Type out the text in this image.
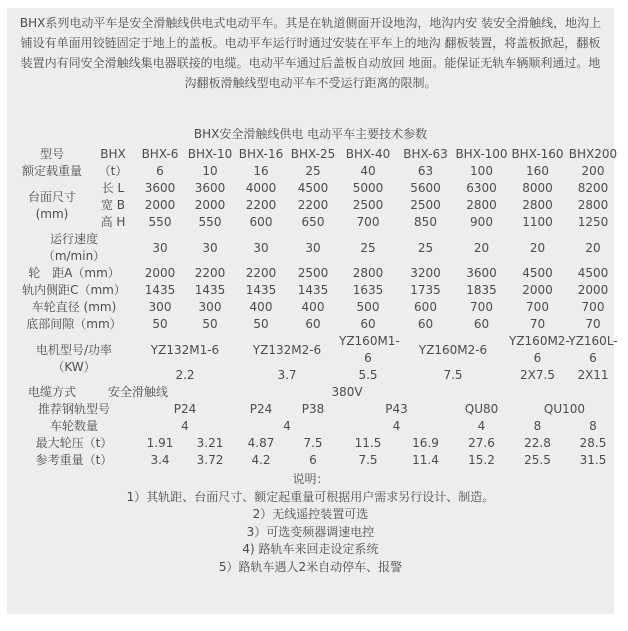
BHX系列电动平车是安全滑触线供电式电动平车。其是在轨道侧面开设地沟，地沟内安 装安全滑触线，地沟上铺设有单面用铰链固定于地上的盖板。电动平车运行时通过安装在平车上的地沟 翻板装置，将盖板掀起，翻板装置内有同安全滑触线集电器联接的电缆。电动平车通过后盖板自动放回 地面。能保证无轨车辆顺利通过。地沟翻板滑触线型电动平车不受运行距离的限制。

BHX安全滑触线供电 电动平车主要技术参数
型号	BHX	BHX-6	BHX-10	BHX-16	BHX-25	BHX-40	BHX-63	BHX-100	BHX-160	BHX200
额定载重量	（t）	6	10	16	25	40	63	100	160	200
台面尺寸
(mm)	长 L	3600	3600	4000	4500	5000	5600	6300	8000	8200
	宽 B	2000	2000	2200	2200	2500	2500	2800	2800	2800
	高 H	550	550	600	650	700	850	900	1100	1250
运行速度
（m/min）		30	30	30	30	25	25	20	20	20
轮　距A（mm）		2000	2200	2200	2500	2800	3200	3600	4500	4500
轨内侧距C（mm）		1435	1435	1435	1435	1635	1735	1835	2000	2000
车轮直径 (mm)		300	300	400	400	500	600	700	700	700
底部间隙（mm）		50	50	50	60	60	60	60	70	70
电机型号/功率
（KW）		YZ132M1-6		YZ132M2-6		YZ160M1-6	YZ160M2-6		YZ160M2-6	YZ160L-6
		2.2		3.7		5.5	7.5		2X7.5	2X11
电缆方式	安全滑触线		380V							
推荐钢轨型号		P24		P24	P38	P43		QU80	QU100	
车轮数量		4		4		4		4	8	8
最大轮压（t）		1.91	3.21	4.87	7.5	11.5	16.9	27.6	22.8	28.5
参考重量（t）		3.4	3.72	4.2	6	7.5	11.4	15.2	25.5	31.5
说明：
1）其轨距、台面尺寸、额定起重量可根据用户需求另行设计、制造。
2）无线遥控装置可选
3）可选变频器调速电控
4) 路轨车来回走设定系统
5）路轨车遇人2米自动停车、报警
